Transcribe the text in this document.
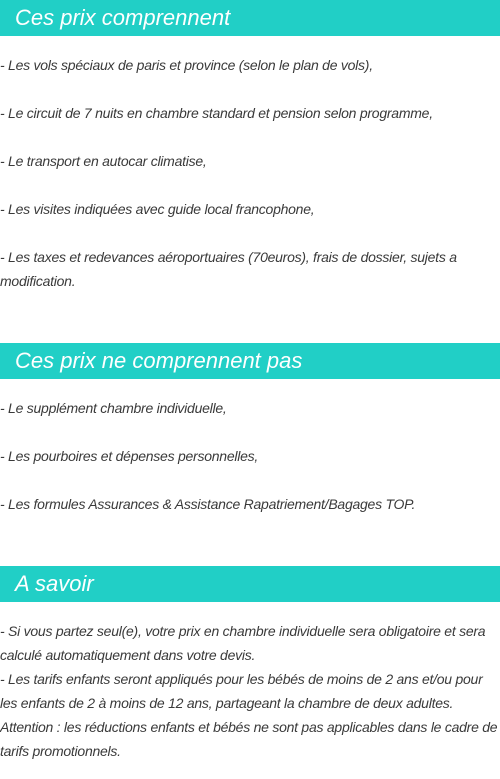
Ces prix comprennent

- Les vols spéciaux de paris et province (selon le plan de vols),

- Le circuit de 7 nuits en chambre standard et pension selon programme,

- Le transport en autocar climatise,

- Les visites indiquées avec guide local francophone,

- Les taxes et redevances aéroportuaires (70euros), frais de dossier, sujets a modification.

Ces prix ne comprennent pas

- Le supplément chambre individuelle,

- Les pourboires et dépenses personnelles,

- Les formules Assurances & Assistance Rapatriement/Bagages TOP.

A savoir

- Si vous partez seul(e), votre prix en chambre individuelle sera obligatoire et sera calculé automatiquement dans votre devis.

- Les tarifs enfants seront appliqués pour les bébés de moins de 2 ans et/ou pour les enfants de 2 à moins de 12 ans, partageant la chambre de deux adultes.

Attention : les réductions enfants et bébés ne sont pas applicables dans le cadre de tarifs promotionnels.
